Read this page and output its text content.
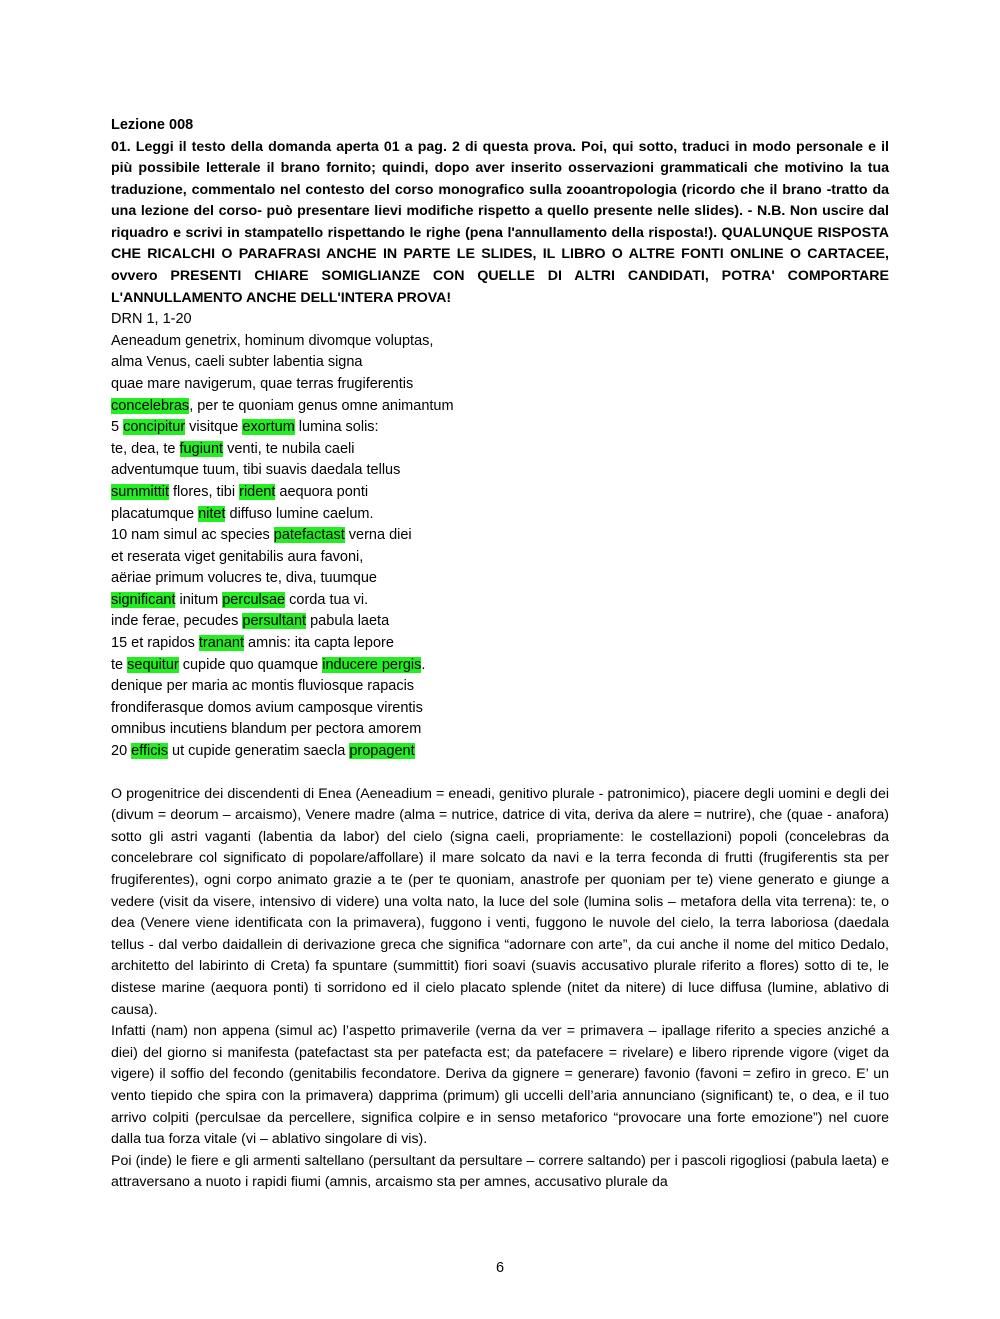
Lezione 008
01. Leggi il testo della domanda aperta 01 a pag. 2 di questa prova. Poi, qui sotto, traduci in modo personale e il più possibile letterale il brano fornito; quindi, dopo aver inserito osservazioni grammaticali che motivino la tua traduzione, commentalo nel contesto del corso monografico sulla zooantropologia (ricordo che il brano -tratto da una lezione del corso- può presentare lievi modifiche rispetto a quello presente nelle slides). - N.B. Non uscire dal riquadro e scrivi in stampatello rispettando le righe (pena l'annullamento della risposta!). QUALUNQUE RISPOSTA CHE RICALCHI O PARAFRASI ANCHE IN PARTE LE SLIDES, IL LIBRO O ALTRE FONTI ONLINE O CARTACEE, ovvero PRESENTI CHIARE SOMIGLIANZE CON QUELLE DI ALTRI CANDIDATI, POTRA' COMPORTARE L'ANNULLAMENTO ANCHE DELL'INTERA PROVA!
DRN 1, 1-20
Aeneadum genetrix, hominum divomque voluptas,
alma Venus, caeli subter labentia signa
quae mare navigerum, quae terras frugiferentis
concelebras, per te quoniam genus omne animantum
5 concipitur visitque exortum lumina solis:
te, dea, te fugiunt venti, te nubila caeli
adventumque tuum, tibi suavis daedala tellus
summittit flores, tibi rident aequora ponti
placatumque nitet diffuso lumine caelum.
10 nam simul ac species patefactast verna diei
et reserata viget genitabilis aura favoni,
aëriae primum volucres te, diva, tuumque
significant initum perculsae corda tua vi.
inde ferae, pecudes persultant pabula laeta
15 et rapidos tranant amnis: ita capta lepore
te sequitur cupide quo quamque inducere pergis.
denique per maria ac montis fluviosque rapacis
frondiferasque domos avium camposque virentis
omnibus incutiens blandum per pectora amorem
20 efficis ut cupide generatim saecla propagent

O progenitrice dei discendenti di Enea (Aeneadium = eneadi, genitivo plurale - patronimico), piacere degli uomini e degli dei (divum = deorum – arcaismo), Venere madre (alma = nutrice, datrice di vita, deriva da alere = nutrire), che (quae - anafora) sotto gli astri vaganti (labentia da labor) del cielo (signa caeli, propriamente: le costellazioni) popoli (concelebras da concelebrare col significato di popolare/affollare) il mare solcato da navi e la terra feconda di frutti (frugiferentis sta per frugiferentes), ogni corpo animato grazie a te (per te quoniam, anastrofe per quoniam per te) viene generato e giunge a vedere (visit da visere, intensivo di videre) una volta nato, la luce del sole (lumina solis – metafora della vita terrena): te, o dea (Venere viene identificata con la primavera), fuggono i venti, fuggono le nuvole del cielo, la terra laboriosa (daedala tellus - dal verbo daidallein di derivazione greca che significa “adornare con arte”, da cui anche il nome del mitico Dedalo, architetto del labirinto di Creta) fa spuntare (summittit) fiori soavi (suavis accusativo plurale riferito a flores) sotto di te, le distese marine (aequora ponti) ti sorridono ed il cielo placato splende (nitet da nitere) di luce diffusa (lumine, ablativo di causa).

Infatti (nam) non appena (simul ac) l’aspetto primaverile (verna da ver = primavera – ipallage riferito a species anziché a diei) del giorno si manifesta (patefactast sta per patefacta est; da patefacere = rivelare) e libero riprende vigore (viget da vigere) il soffio del fecondo (genitabilis fecondatore. Deriva da gignere = generare) favonio (favoni = zefiro in greco. E’ un vento tiepido che spira con la primavera) dapprima (primum) gli uccelli dell’aria annunciano (significant) te, o dea, e il tuo arrivo colpiti (perculsae da percellere, significa colpire e in senso metaforico “provocare una forte emozione”) nel cuore dalla tua forza vitale (vi – ablativo singolare di vis).

Poi (inde) le fiere e gli armenti saltellano (persultant da persultare – correre saltando) per i pascoli rigogliosi (pabula laeta) e attraversano a nuoto i rapidi fiumi (amnis, arcaismo sta per amnes, accusativo plurale da

6
